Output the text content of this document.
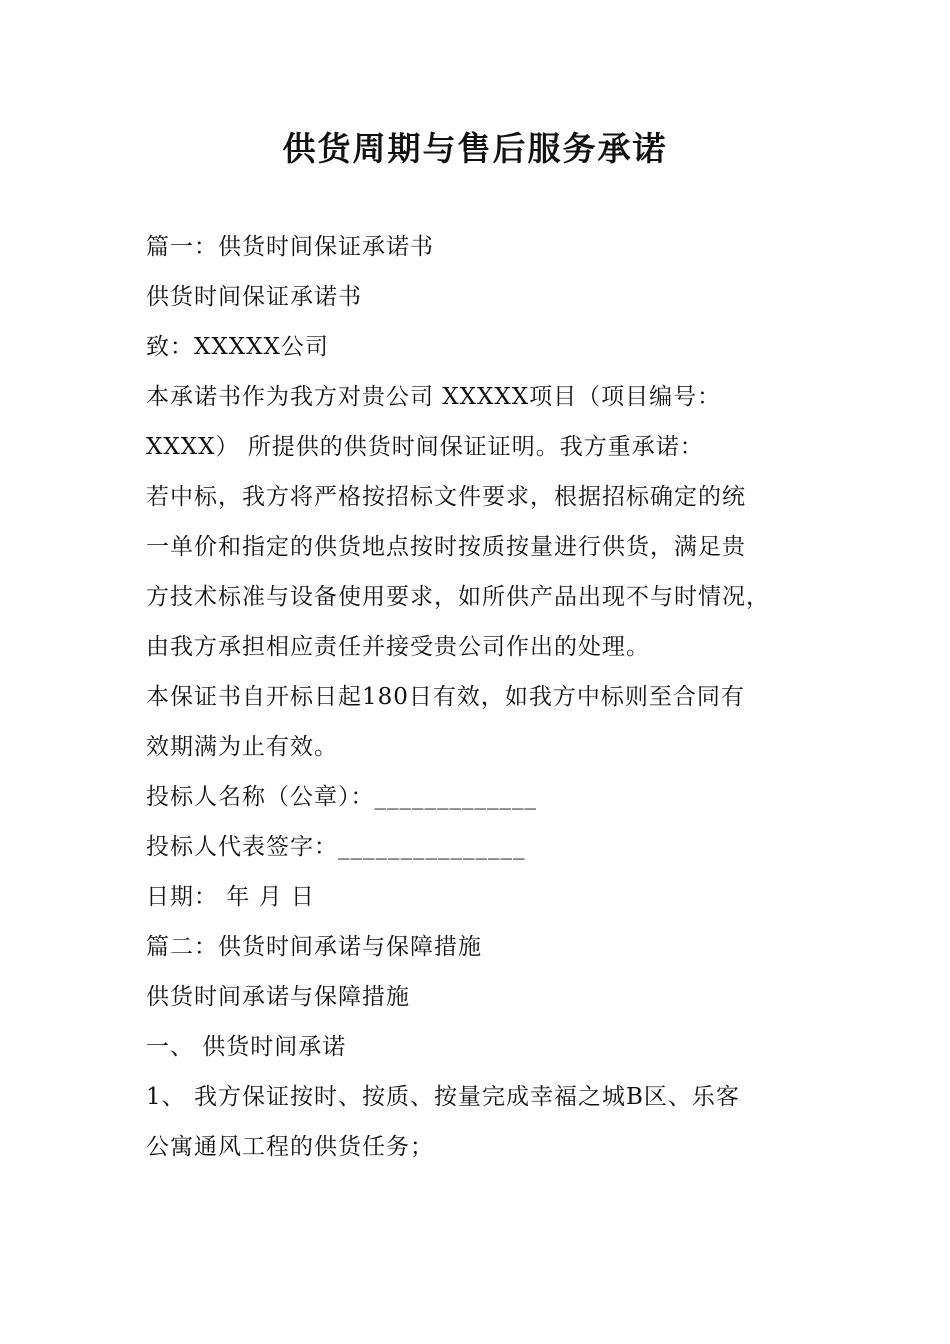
供货周期与售后服务承诺
篇一：供货时间保证承诺书
供货时间保证承诺书
致：XXXXX公司
本承诺书作为我方对贵公司 XXXXX项目（项目编号：
XXXX） 所提供的供货时间保证证明。我方重承诺：
若中标，我方将严格按招标文件要求，根据招标确定的统
一单价和指定的供货地点按时按质按量进行供货，满足贵
方技术标准与设备使用要求，如所供产品出现不与时情况，
由我方承担相应责任并接受贵公司作出的处理。
本保证书自开标日起180日有效，如我方中标则至合同有
效期满为止有效。
投标人名称（公章）：_____________
投标人代表签字：_______________
日期： 年 月 日
篇二：供货时间承诺与保障措施
供货时间承诺与保障措施
一、 供货时间承诺
1、 我方保证按时、按质、按量完成幸福之城B区、乐客
公寓通风工程的供货任务；
